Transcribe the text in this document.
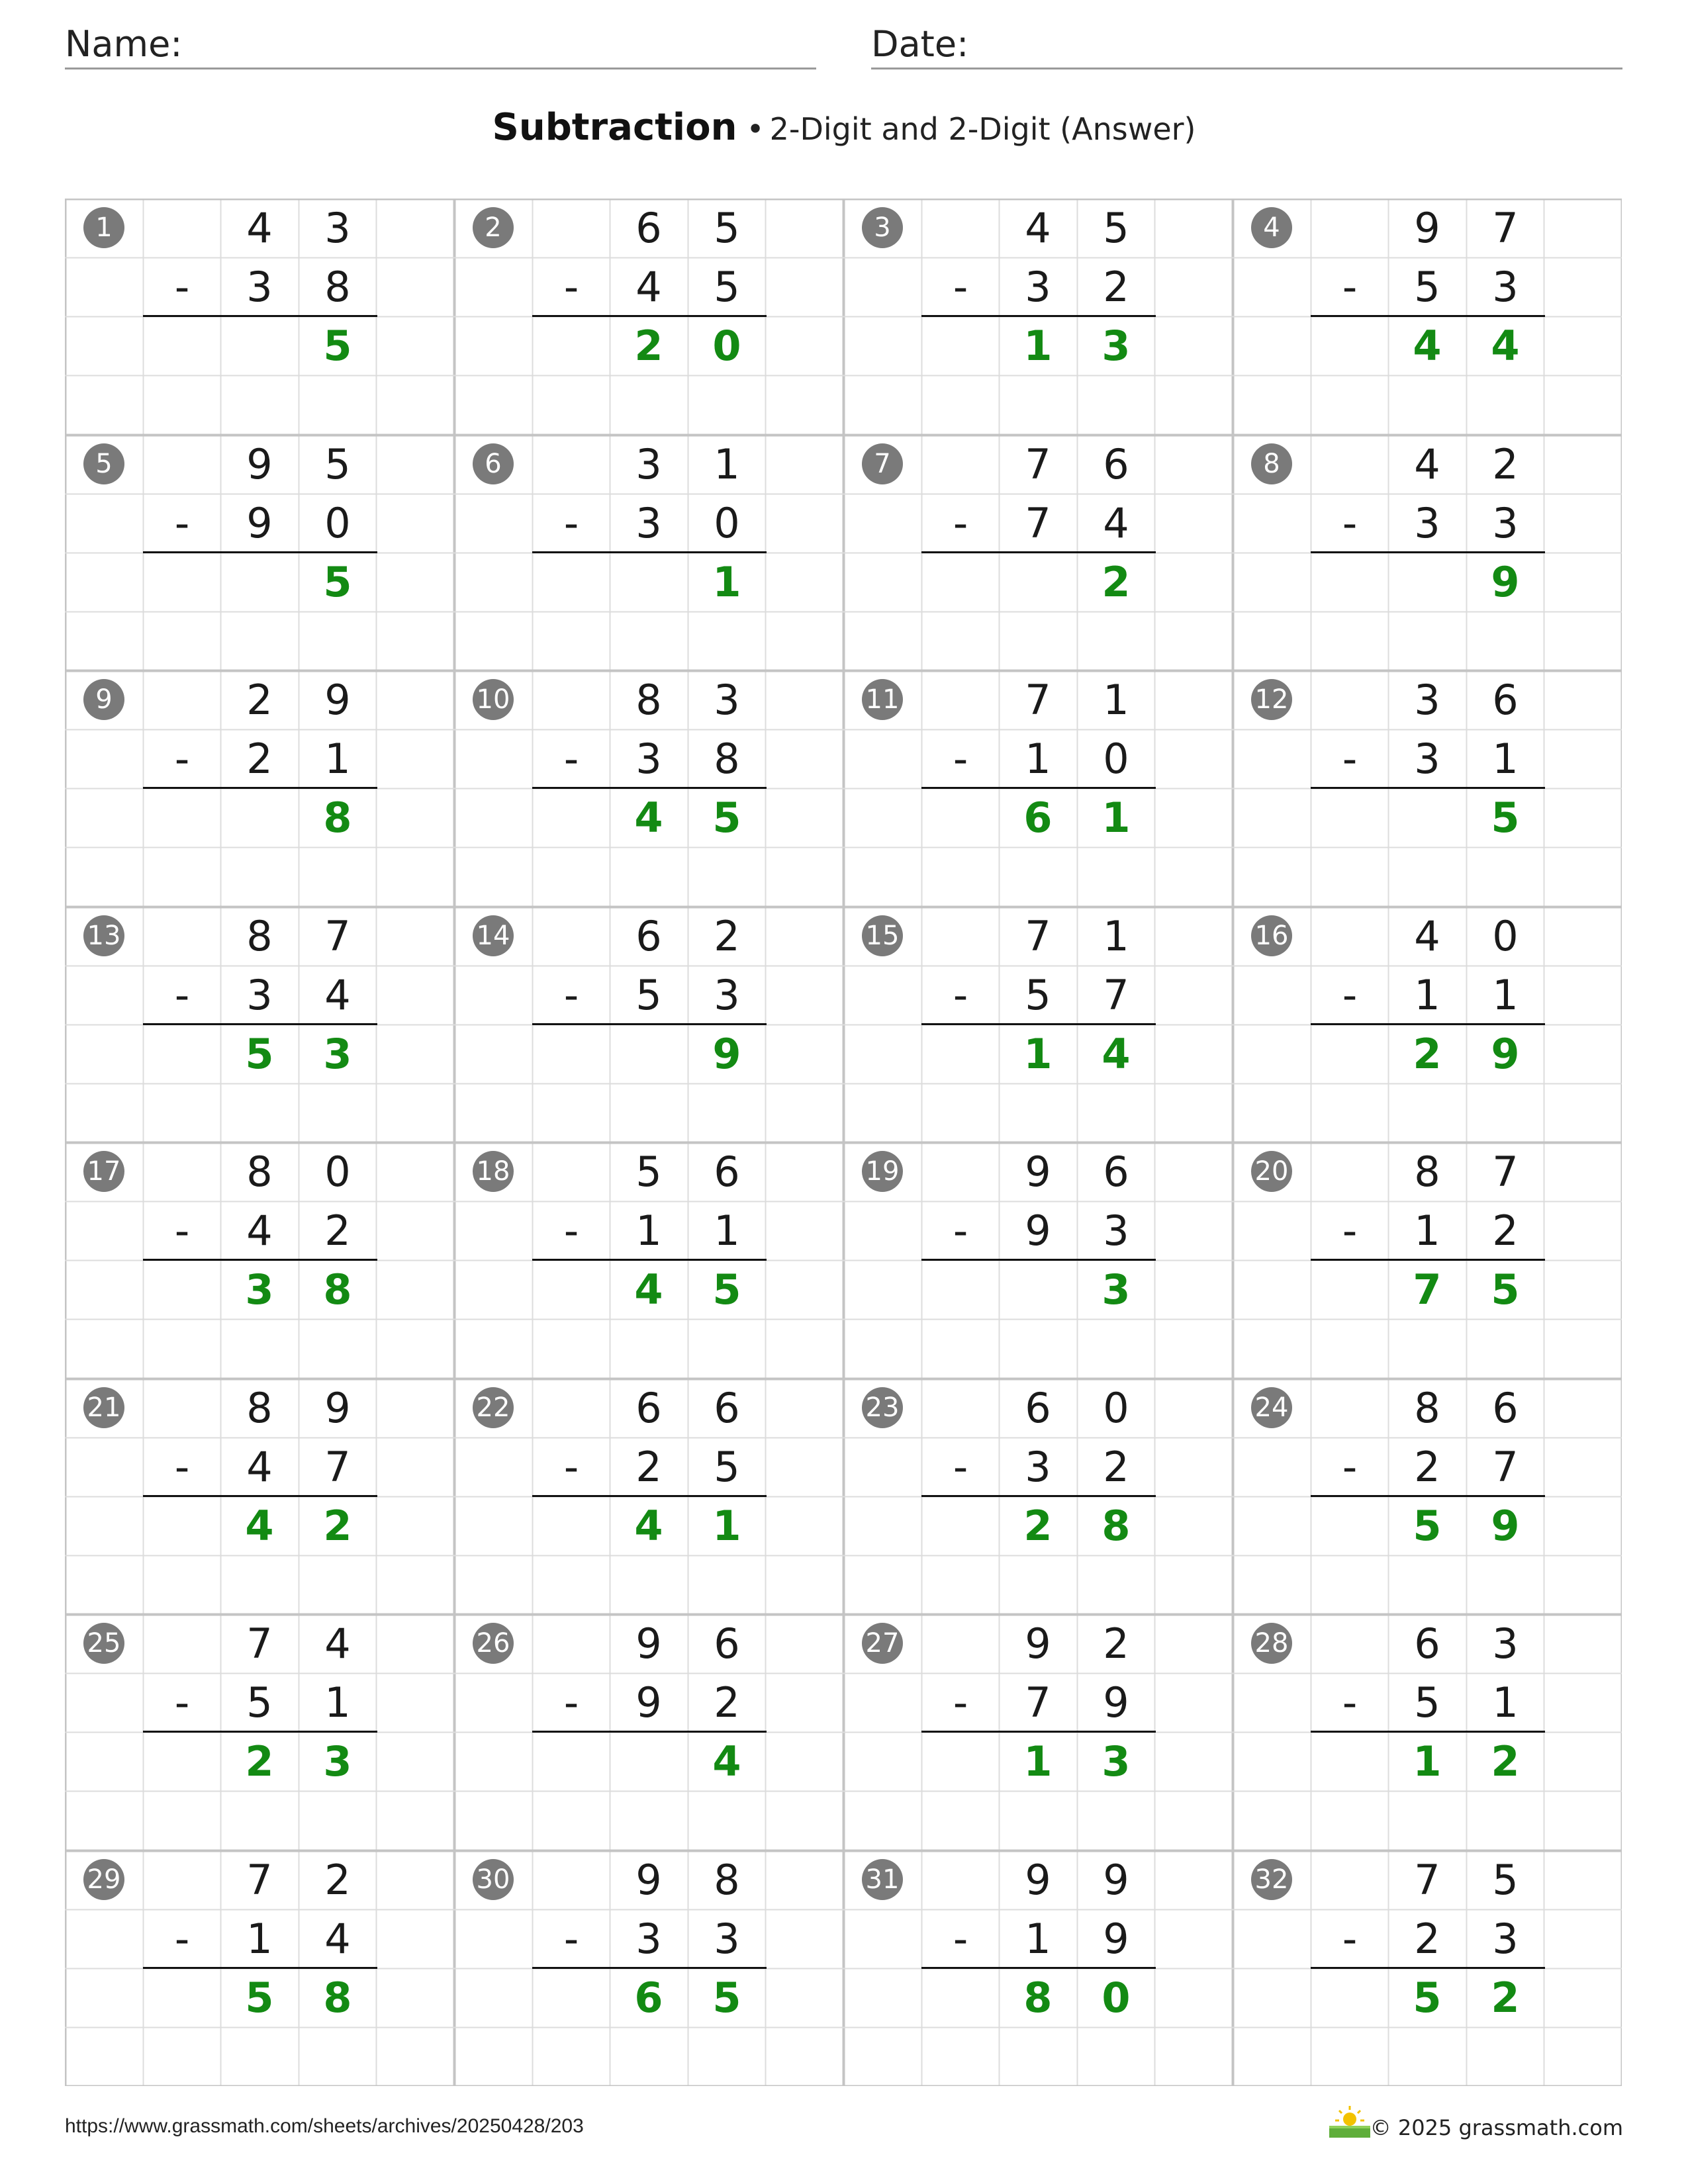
Name:	Date:
Subtraction • 2-Digit and 2-Digit (Answer)
1	4	3
-	3	8
5
2	6	5
-	4	5
2	0
3	4	5
-	3	2
1	3
4	9	7
-	5	3
4	4
5	9	5
-	9	0
5
6	3	1
-	3	0
1
7	7	6
-	7	4
2
8	4	2
-	3	3
9
9	2	9
-	2	1
8
10	8	3
-	3	8
4	5
11	7	1
-	1	0
6	1
12	3	6
-	3	1
5
13	8	7
-	3	4
5	3
14	6	2
-	5	3
9
15	7	1
-	5	7
1	4
16	4	0
-	1	1
2	9
17	8	0
-	4	2
3	8
18	5	6
-	1	1
4	5
19	9	6
-	9	3
3
20	8	7
-	1	2
7	5
21	8	9
-	4	7
4	2
22	6	6
-	2	5
4	1
23	6	0
-	3	2
2	8
24	8	6
-	2	7
5	9
25	7	4
-	5	1
2	3
26	9	6
-	9	2
4
27	9	2
-	7	9
1	3
28	6	3
-	5	1
1	2
29	7	2
-	1	4
5	8
30	9	8
-	3	3
6	5
31	9	9
-	1	9
8	0
32	7	5
-	2	3
5	2
https://www.grassmath.com/sheets/archives/20250428/203	© 2025 grassmath.com
